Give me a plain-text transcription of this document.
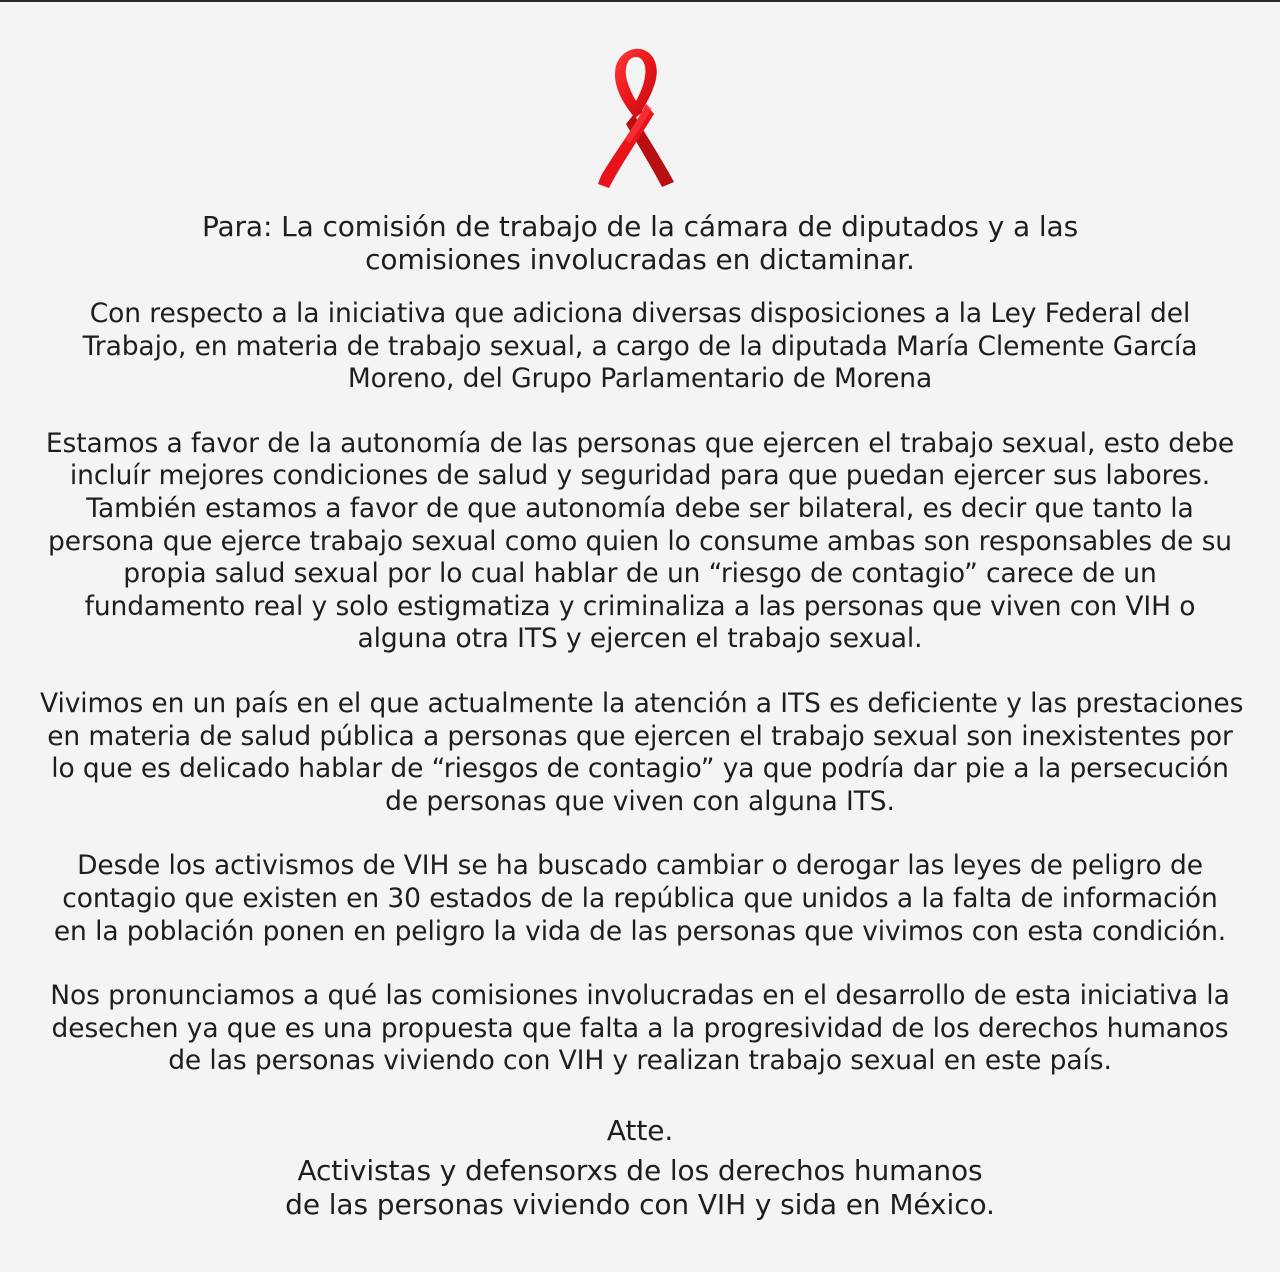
Para: La comisión de trabajo de la cámara de diputados y a las
comisiones involucradas en dictaminar.

Con respecto a la iniciativa que adiciona diversas disposiciones a la Ley Federal del
Trabajo, en materia de trabajo sexual, a cargo de la diputada María Clemente García
Moreno, del Grupo Parlamentario de Morena

Estamos a favor de la autonomía de las personas que ejercen el trabajo sexual, esto debe
incluír mejores condiciones de salud y seguridad para que puedan ejercer sus labores.
También estamos a favor de que autonomía debe ser bilateral, es decir que tanto la
persona que ejerce trabajo sexual como quien lo consume ambas son responsables de su
propia salud sexual por lo cual hablar de un “riesgo de contagio” carece de un
fundamento real y solo estigmatiza y criminaliza a las personas que viven con VIH o
alguna otra ITS y ejercen el trabajo sexual.

Vivimos en un país en el que actualmente la atención a ITS es deficiente y las prestaciones
en materia de salud pública a personas que ejercen el trabajo sexual son inexistentes por
lo que es delicado hablar de “riesgos de contagio” ya que podría dar pie a la persecución
de personas que viven con alguna ITS.

Desde los activismos de VIH se ha buscado cambiar o derogar las leyes de peligro de
contagio que existen en 30 estados de la república que unidos a la falta de información
en la población ponen en peligro la vida de las personas que vivimos con esta condición.

Nos pronunciamos a qué las comisiones involucradas en el desarrollo de esta iniciativa la
desechen ya que es una propuesta que falta a la progresividad de los derechos humanos
de las personas viviendo con VIH y realizan trabajo sexual en este país.

Atte.

Activistas y defensorxs de los derechos humanos
de las personas viviendo con VIH y sida en México.
